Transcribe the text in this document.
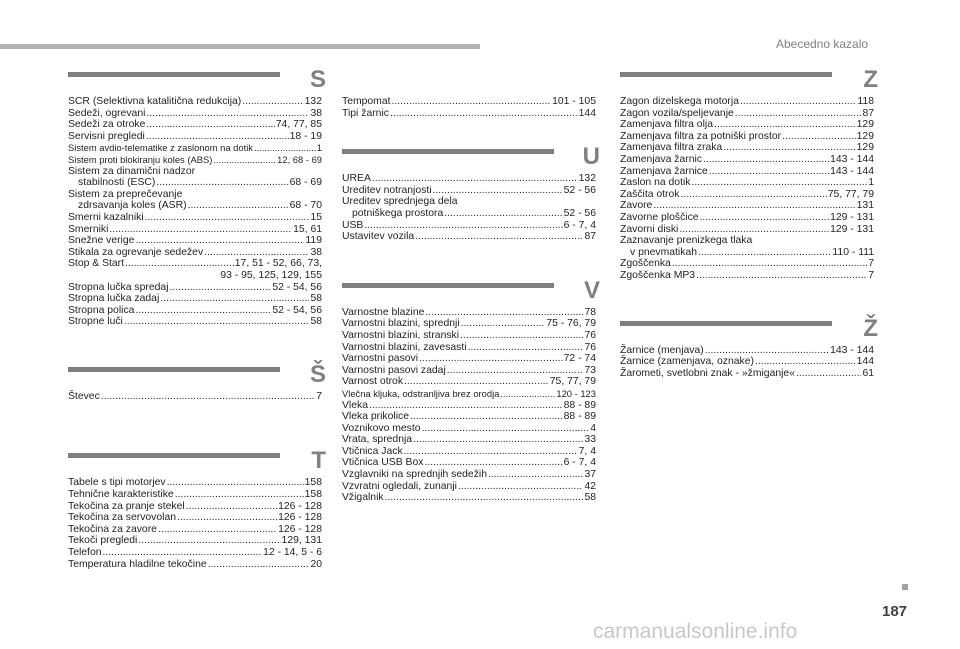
Abecedno kazalo
S
SCR (Selektivna katalitična redukcija) .....	132
Sedeži, ogrevani .....	38
Sedeži za otroke .....	74, 77, 85
Servisni pregledi .....	18 - 19
Sistem avdio-telematike z zaslonom na dotik .....	1
Sistem proti blokiranju koles (ABS) .....	12, 68 - 69
Sistem za dinamični nadzor
stabilnosti (ESC) .....	68 - 69
Sistem za preprečevanje
zdrsavanja koles (ASR) .....	68 - 70
Smerni kazalniki .....	15
Smerniki .....	15, 61
Snežne verige .....	119
Stikala za ogrevanje sedežev .....	38
Stop & Start .....	17, 51 - 52, 66, 73,
93 - 95, 125, 129, 155
Stropna lučka spredaj .....	52 - 54, 56
Stropna lučka zadaj .....	58
Stropna polica .....	52 - 54, 56
Stropne luči .....	58
Š
Števec .....	7
T
Tabele s tipi motorjev .....	158
Tehnične karakteristike .....	158
Tekočina za pranje stekel .....	126 - 128
Tekočina za servovolan .....	126 - 128
Tekočina za zavore .....	126 - 128
Tekoči pregledi .....	129, 131
Telefon .....	12 - 14, 5 - 6
Temperatura hladilne tekočine .....	20
Tempomat .....	101 - 105
Tipi žarnic .....	144
U
UREA .....	132
Ureditev notranjosti .....	52 - 56
Ureditev sprednjega dela
potniškega prostora .....	52 - 56
USB .....	6 - 7, 4
Ustavitev vozila .....	87
V
Varnostne blazine .....	78
Varnostni blazini, sprednji .....	75 - 76, 79
Varnostni blazini, stranski .....	76
Varnostni blazini, zavesasti .....	76
Varnostni pasovi .....	72 - 74
Varnostni pasovi zadaj .....	73
Varnost otrok .....	75, 77, 79
Vlečna kljuka, odstranljiva brez orodja .....	120 - 123
Vleka .....	88 - 89
Vleka prikolice .....	88 - 89
Voznikovo mesto .....	4
Vrata, sprednja .....	33
Vtičnica Jack .....	7, 4
Vtičnica USB Box .....	6 - 7, 4
Vzglavniki na sprednjih sedežih .....	37
Vzvratni ogledali, zunanji .....	42
Vžigalnik .....	58
Z
Zagon dizelskega motorja .....	118
Zagon vozila/speljevanje .....	87
Zamenjava filtra olja .....	129
Zamenjava filtra za potniški prostor .....	129
Zamenjava filtra zraka .....	129
Zamenjava žarnic .....	143 - 144
Zamenjava žarnice .....	143 - 144
Zaslon na dotik .....	1
Zaščita otrok .....	75, 77, 79
Zavore .....	131
Zavorne ploščice .....	129 - 131
Zavorni diski .....	129 - 131
Zaznavanje prenizkega tlaka
v pnevmatikah .....	110 - 111
Zgoščenka .....	7
Zgoščenka MP3 .....	7
Ž
Žarnice (menjava) .....	143 - 144
Žarnice (zamenjava, oznake) .....	144
Žarometi, svetlobni znak - »žmiganje« .....	61
187
carmanualsonline.info
